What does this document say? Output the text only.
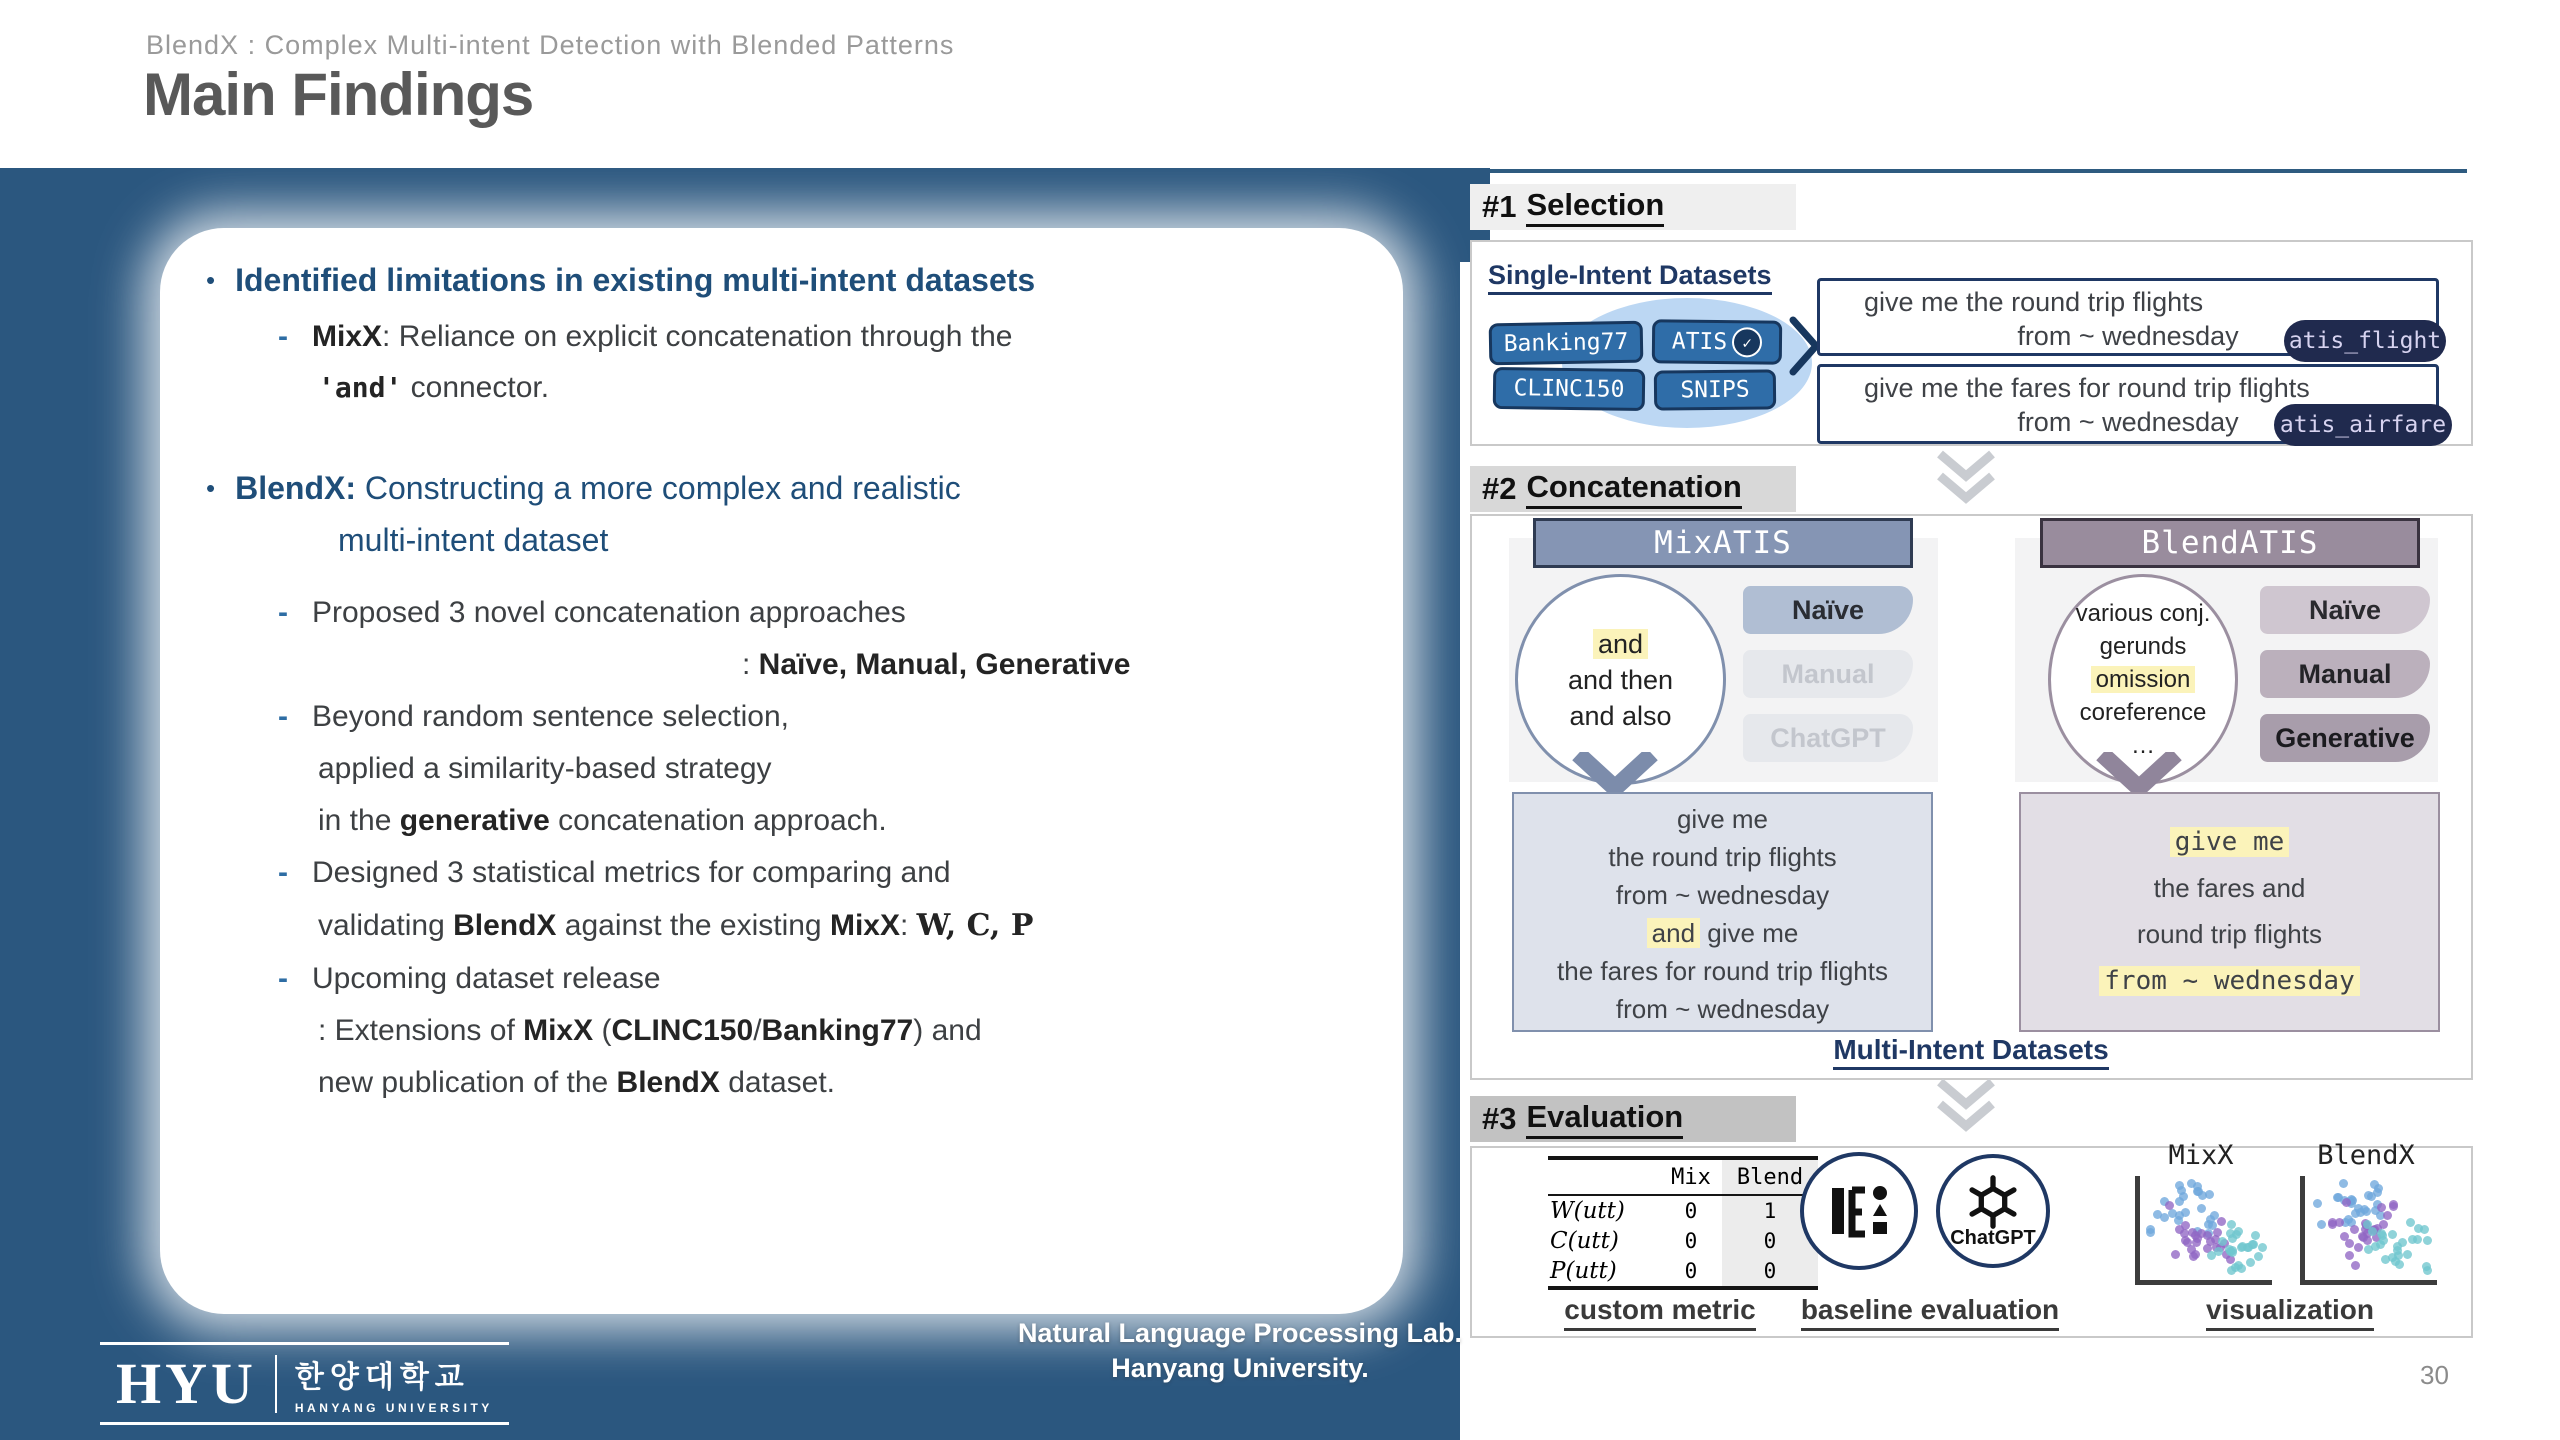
BlendX : Complex Multi-intent Detection with Blended Patterns
Main Findings
• Identified limitations in existing multi-intent datasets
- MixX: Reliance on explicit concatenation through the
'and' connector.
• BlendX: Constructing a more complex and realistic
multi-intent dataset
- Proposed 3 novel concatenation approaches
: Naïve, Manual, Generative
- Beyond random sentence selection,
applied a similarity-based strategy
in the generative concatenation approach.
- Designed 3 statistical metrics for comparing and
validating BlendX against the existing MixX: W, C, P
- Upcoming dataset release
: Extensions of MixX (CLINC150/Banking77) and
new publication of the BlendX dataset.
#1 Selection
Single-Intent Datasets
Banking77 ATIS ✓
CLINC150 SNIPS
give me the round trip flights
from ~ wednesday	atis_flight
give me the fares for round trip flights
from ~ wednesday	atis_airfare
#2 Concatenation
MixATIS
and
and then
and also
Naïve
Manual
ChatGPT
give me
the round trip flights
from ~ wednesday
and give me
the fares for round trip flights
from ~ wednesday
BlendATIS
various conj.
gerunds
omission
coreference
…
Naïve
Manual
Generative
give me
the fares and
round trip flights
from ~ wednesday
Multi-Intent Datasets
#3 Evaluation
Mix	Blend
W(utt)	0	1
C(utt)	0	0
P(utt)	0	0
custom metric
ChatGPT
baseline evaluation
MixX	BlendX
visualization
HYU 한양대학교
HANYANG UNIVERSITY
Natural Language Processing Lab.
Hanyang University.	30
